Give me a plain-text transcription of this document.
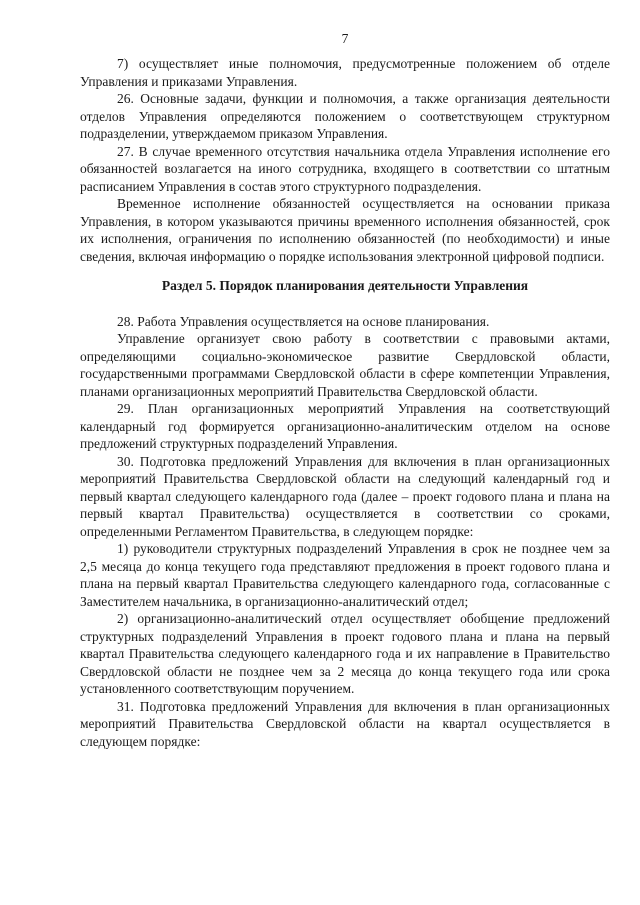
7

7) осуществляет иные полномочия, предусмотренные положением об отделе Управления и приказами Управления.

26. Основные задачи, функции и полномочия, а также организация деятельности отделов Управления определяются положением о соответствующем структурном подразделении, утверждаемом приказом Управления.

27. В случае временного отсутствия начальника отдела Управления исполнение его обязанностей возлагается на иного сотрудника, входящего в соответствии со штатным расписанием Управления в состав этого структурного подразделения.

Временное исполнение обязанностей осуществляется на основании приказа Управления, в котором указываются причины временного исполнения обязанностей, срок их исполнения, ограничения по исполнению обязанностей (по необходимости) и иные сведения, включая информацию о порядке использования электронной цифровой подписи.

Раздел 5. Порядок планирования деятельности Управления

28. Работа Управления осуществляется на основе планирования.

Управление организует свою работу в соответствии с правовыми актами, определяющими социально-экономическое развитие Свердловской области, государственными программами Свердловской области в сфере компетенции Управления, планами организационных мероприятий Правительства Свердловской области.

29. План организационных мероприятий Управления на соответствующий календарный год формируется организационно-аналитическим отделом на основе предложений структурных подразделений Управления.

30. Подготовка предложений Управления для включения в план организационных мероприятий Правительства Свердловской области на следующий календарный год и первый квартал следующего календарного года (далее – проект годового плана и плана на первый квартал Правительства) осуществляется в соответствии со сроками, определенными Регламентом Правительства, в следующем порядке:

1) руководители структурных подразделений Управления в срок не позднее чем за 2,5 месяца до конца текущего года представляют предложения в проект годового плана и плана на первый квартал Правительства следующего календарного года, согласованные с Заместителем начальника, в организационно-аналитический отдел;

2) организационно-аналитический отдел осуществляет обобщение предложений структурных подразделений Управления в проект годового плана и плана на первый квартал Правительства следующего календарного года и их направление в Правительство Свердловской области не позднее чем за 2 месяца до конца текущего года или срока установленного соответствующим поручением.

31. Подготовка предложений Управления для включения в план организационных мероприятий Правительства Свердловской области на квартал осуществляется в следующем порядке:
